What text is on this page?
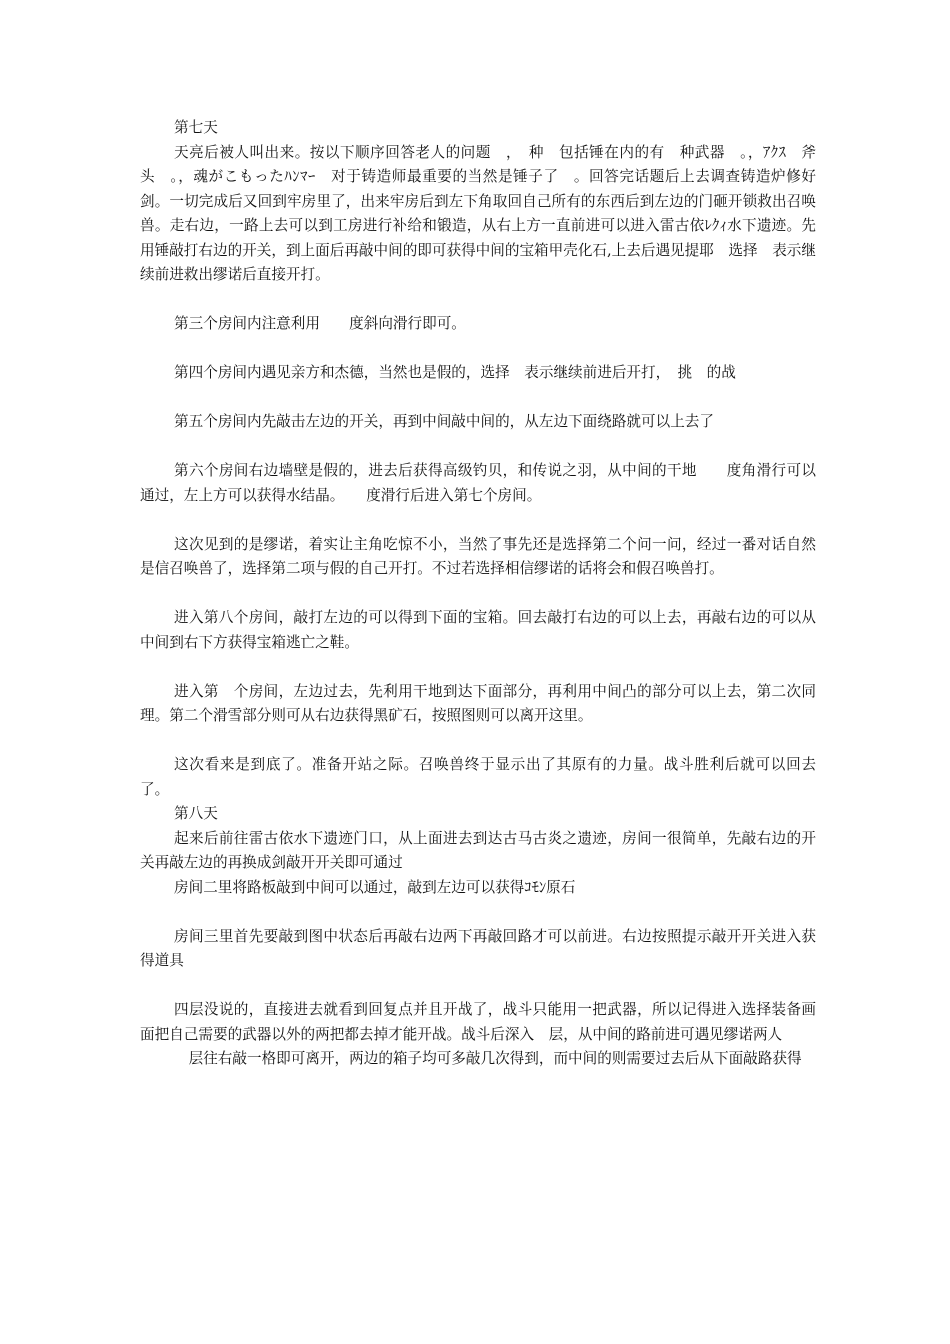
第七天

天亮后被人叫出来。按以下顺序回答老人的问题　，　种　包括锤在内的有　种武器　。，ｱｸｽ　斧头　。，魂がこもったﾊﾝﾏｰ　对于铸造师最重要的当然是锤子了　。回答完话题后上去调查铸造炉修好剑。一切完成后又回到牢房里了，出来牢房后到左下角取回自己所有的东西后到左边的门砸开锁救出召唤兽。走右边，一路上去可以到工房进行补给和锻造，从右上方一直前进可以进入雷古依ﾚｸｨ水下遗迹。先用锤敲打右边的开关，到上面后再敲中间的即可获得中间的宝箱甲壳化石,上去后遇见提耶　选择　表示继续前进救出缪诺后直接开打。

第三个房间内注意利用　　度斜向滑行即可。

第四个房间内遇见亲方和杰德，当然也是假的，选择　表示继续前进后开打，　挑　的战

第五个房间内先敲击左边的开关，再到中间敲中间的，从左边下面绕路就可以上去了

第六个房间右边墙壁是假的，进去后获得高级钓贝，和传说之羽，从中间的干地　　度角滑行可以通过，左上方可以获得水结晶。　　度滑行后进入第七个房间。

这次见到的是缪诺，着实让主角吃惊不小，当然了事先还是选择第二个问一问，经过一番对话自然是信召唤兽了，选择第二项与假的自己开打。不过若选择相信缪诺的话将会和假召唤兽打。

进入第八个房间，敲打左边的可以得到下面的宝箱。回去敲打右边的可以上去，再敲右边的可以从中间到右下方获得宝箱逃亡之鞋。

进入第　个房间，左边过去，先利用干地到达下面部分，再利用中间凸的部分可以上去，第二次同理。第二个滑雪部分则可从右边获得黑矿石，按照图则可以离开这里。

这次看来是到底了。准备开站之际。召唤兽终于显示出了其原有的力量。战斗胜利后就可以回去了。

第八天

起来后前往雷古依水下遗迹门口，从上面进去到达古马古炎之遗迹，房间一很简单，先敲右边的开关再敲左边的再换成剑敲开开关即可通过

房间二里将路板敲到中间可以通过，敲到左边可以获得ｺﾓﾝ原石

房间三里首先要敲到图中状态后再敲右边两下再敲回路才可以前进。右边按照提示敲开开关进入获得道具

四层没说的，直接进去就看到回复点并且开战了，战斗只能用一把武器，所以记得进入选择装备画面把自己需要的武器以外的两把都去掉才能开战。战斗后深入　层，从中间的路前进可遇见缪诺两人

　层往右敲一格即可离开，两边的箱子均可多敲几次得到，而中间的则需要过去后从下面敲路获得
